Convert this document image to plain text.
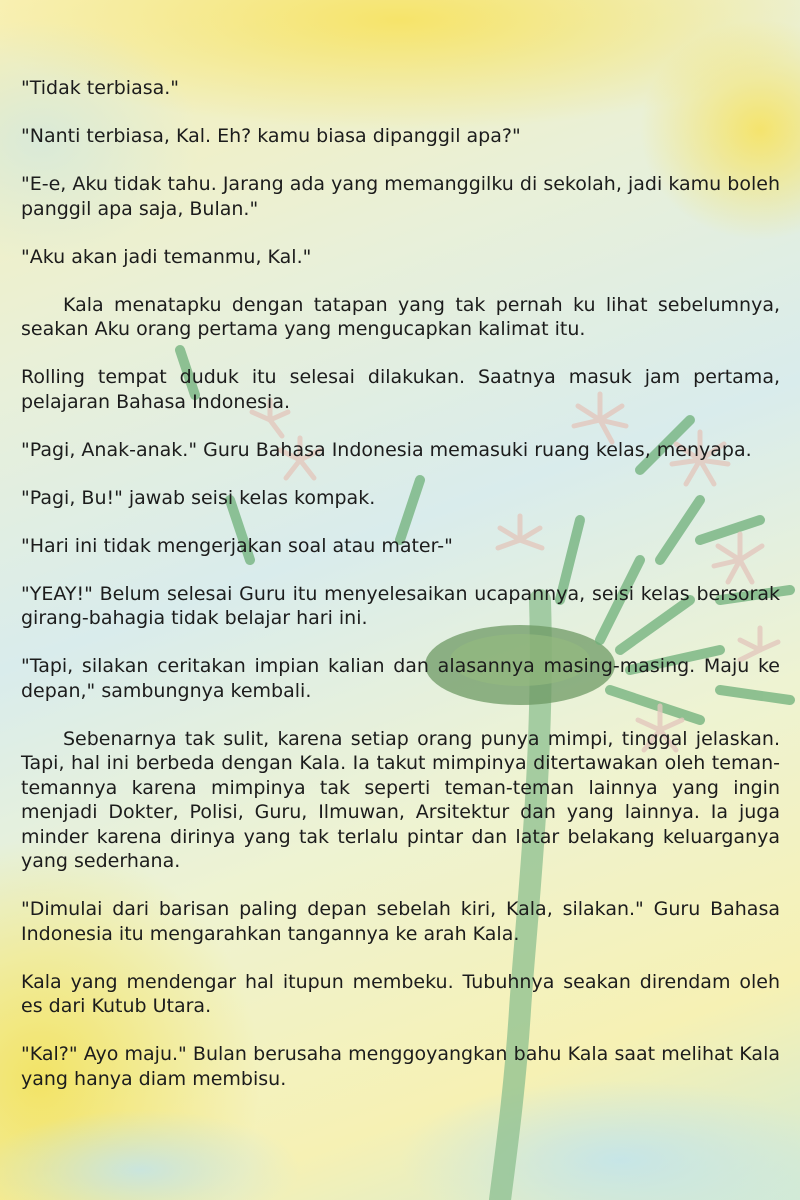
"Tidak terbiasa."

"Nanti terbiasa, Kal. Eh? kamu biasa dipanggil apa?"

"E-e, Aku tidak tahu. Jarang ada yang memanggilku di sekolah, jadi kamu boleh panggil apa saja, Bulan."

"Aku akan jadi temanmu, Kal."

Kala menatapku dengan tatapan yang tak pernah ku lihat sebelumnya, seakan Aku orang pertama yang mengucapkan kalimat itu.

Rolling tempat duduk itu selesai dilakukan. Saatnya masuk jam pertama, pelajaran Bahasa Indonesia.

"Pagi, Anak-anak." Guru Bahasa Indonesia memasuki ruang kelas, menyapa.

"Pagi, Bu!" jawab seisi kelas kompak.

"Hari ini tidak mengerjakan soal atau mater-"

"YEAY!" Belum selesai Guru itu menyelesaikan ucapannya, seisi kelas bersorak girang-bahagia tidak belajar hari ini.

"Tapi, silakan ceritakan impian kalian dan alasannya masing-masing. Maju ke depan," sambungnya kembali.

Sebenarnya tak sulit, karena setiap orang punya mimpi, tinggal jelaskan. Tapi, hal ini berbeda dengan Kala. Ia takut mimpinya ditertawakan oleh teman-temannya karena mimpinya tak seperti teman-teman lainnya yang ingin menjadi Dokter, Polisi, Guru, Ilmuwan, Arsitektur dan yang lainnya. Ia juga minder karena dirinya yang tak terlalu pintar dan latar belakang keluarganya yang sederhana.

"Dimulai dari barisan paling depan sebelah kiri, Kala, silakan." Guru Bahasa Indonesia itu mengarahkan tangannya ke arah Kala.

Kala yang mendengar hal itupun membeku. Tubuhnya seakan direndam oleh es dari Kutub Utara.

"Kal?" Ayo maju." Bulan berusaha menggoyangkan bahu Kala saat melihat Kala yang hanya diam membisu.
